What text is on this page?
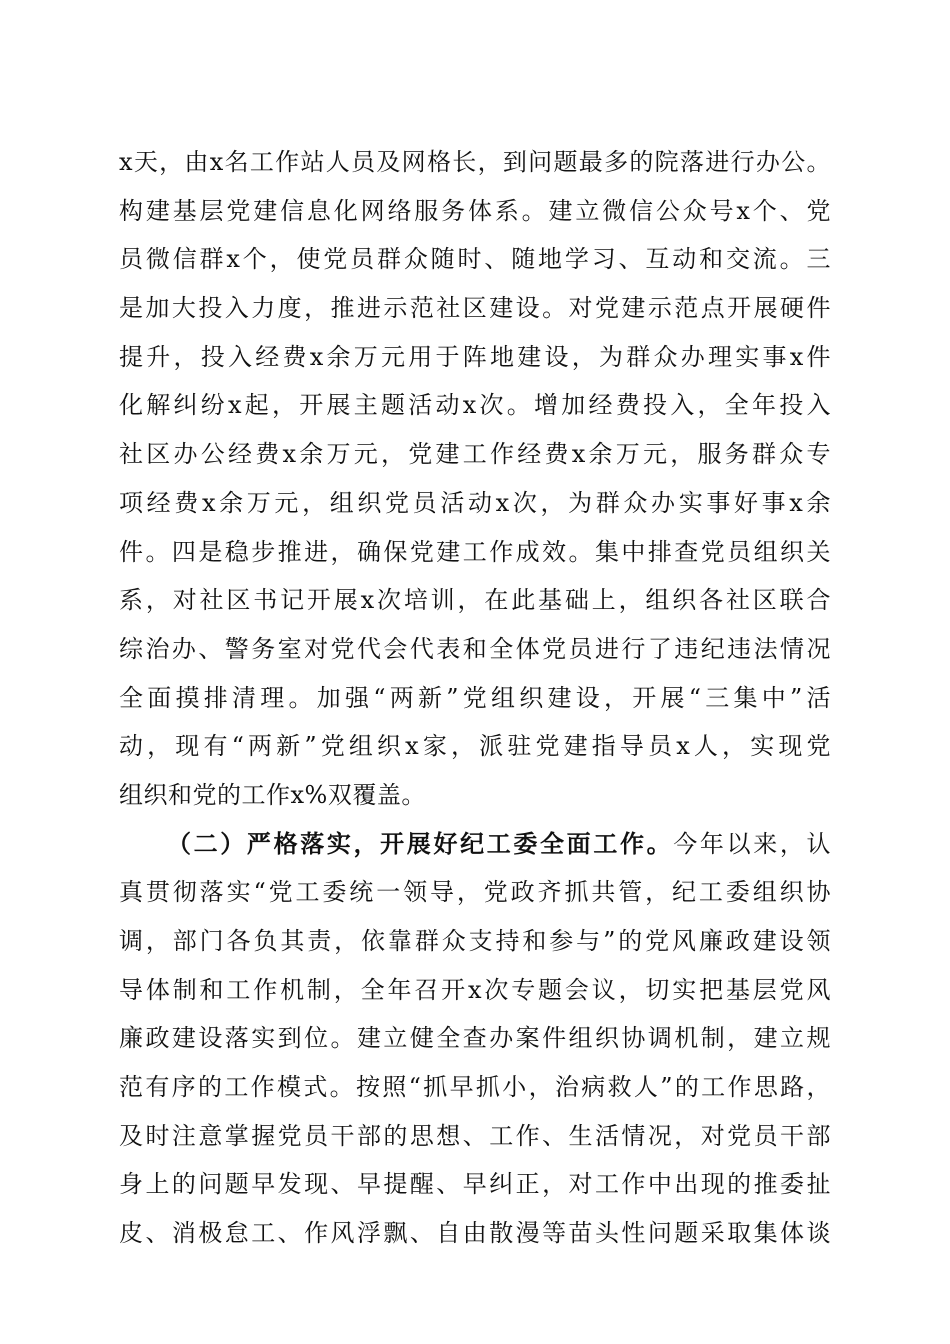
x天，由x名工作站人员及网格长，到问题最多的院落进行办公。
构建基层党建信息化网络服务体系。建立微信公众号x个、党
员微信群x个，使党员群众随时、随地学习、互动和交流。三
是加大投入力度，推进示范社区建设。对党建示范点开展硬件
提升，投入经费x余万元用于阵地建设，为群众办理实事x件
化解纠纷x起，开展主题活动x次。增加经费投入，全年投入
社区办公经费x余万元，党建工作经费x余万元，服务群众专
项经费x余万元，组织党员活动x次，为群众办实事好事x余
件。四是稳步推进，确保党建工作成效。集中排查党员组织关
系，对社区书记开展x次培训，在此基础上，组织各社区联合
综治办、警务室对党代会代表和全体党员进行了违纪违法情况
全面摸排清理。加强“两新”党组织建设，开展“三集中”活
动，现有“两新”党组织x家，派驻党建指导员x人，实现党
组织和党的工作x%双覆盖。
（二）严格落实，开展好纪工委全面工作。今年以来，认
真贯彻落实“党工委统一领导，党政齐抓共管，纪工委组织协
调，部门各负其责，依靠群众支持和参与”的党风廉政建设领
导体制和工作机制，全年召开x次专题会议，切实把基层党风
廉政建设落实到位。建立健全查办案件组织协调机制，建立规
范有序的工作模式。按照“抓早抓小，治病救人”的工作思路，
及时注意掌握党员干部的思想、工作、生活情况，对党员干部
身上的问题早发现、早提醒、早纠正，对工作中出现的推委扯
皮、消极怠工、作风浮飘、自由散漫等苗头性问题采取集体谈
